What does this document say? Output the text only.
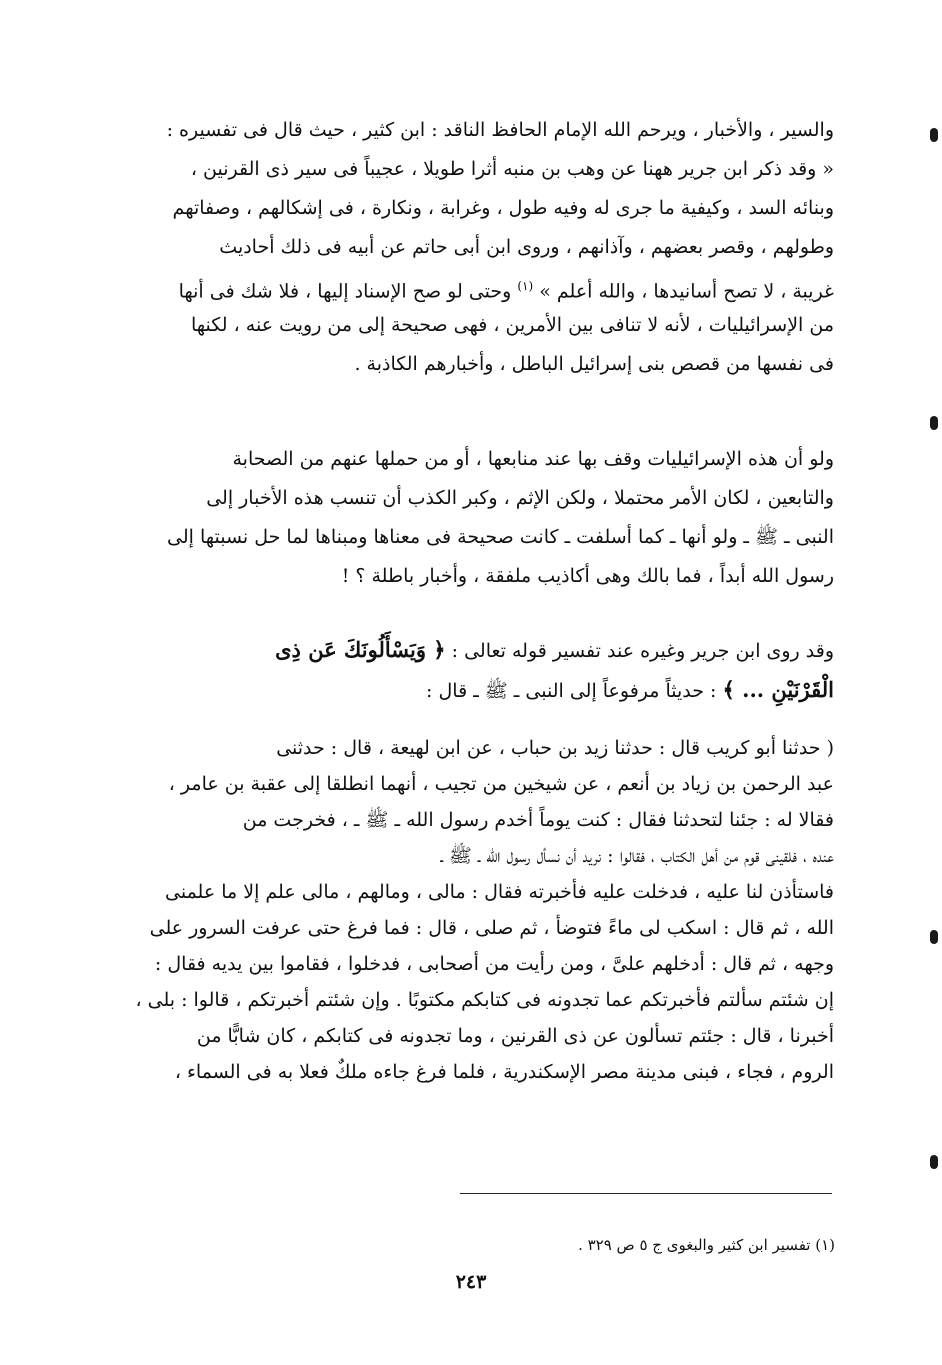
والسير ، والأخبار ، ويرحم الله الإمام الحافظ الناقد : ابن كثير ، حيث قال فى تفسيره :
« وقد ذكر ابن جرير ههنا عن وهب بن منبه أثرا طويلا ، عجيباً فى سير ذى القرنين ،
وبنائه السد ، وكيفية ما جرى له وفيه طول ، وغرابة ، ونكارة ، فى إشكالهم ، وصفاتهم
وطولهم ، وقصر بعضهم ، وآذانهم ، وروى ابن أبى حاتم عن أبيه فى ذلك أحاديث
غريبة ، لا تصح أسانيدها ، والله أعلم » $^{(١)}$ وحتى لو صح الإسناد إليها ، فلا شك فى أنها
من الإسرائيليات ، لأنه لا تنافى بين الأمرين ، فهى صحيحة إلى من رويت عنه ، لكنها
فى نفسها من قصص بنى إسرائيل الباطل ، وأخبارهم الكاذبة .
ولو أن هذه الإسرائيليات وقف بها عند منابعها ، أو من حملها عنهم من الصحابة
والتابعين ، لكان الأمر محتملا ، ولكن الإثم ، وكبر الكذب أن تنسب هذه الأخبار إلى
النبى ـ ﷺ ـ ولو أنها ـ كما أسلفت ـ كانت صحيحة فى معناها ومبناها لما حل نسبتها إلى
رسول الله أبداً ، فما بالك وهى أكاذيب ملفقة ، وأخبار باطلة ؟ !
وقد روى ابن جرير وغيره عند تفسير قوله تعالى : ﴿ وَيَسْأَلُونَكَ عَن ذِى
الْقَرْنَيْنِ ... ﴾ : حديثاً مرفوعاً إلى النبى ـ ﷺ ـ قال :
( حدثنا أبو كريب قال : حدثنا زيد بن حباب ، عن ابن لهيعة ، قال : حدثنى
عبد الرحمن بن زياد بن أنعم ، عن شيخين من تجيب ، أنهما انطلقا إلى عقبة بن عامر ،
فقالا له : جئنا لتحدثنا فقال : كنت يوماً أخدم رسول الله ـ ﷺ ـ ، فخرجت من
عنده ، فلقينى قوم من أهل الكتاب ، فقالوا : نريد أن نسأل رسول الله ـ ﷺ ـ
فاستأذن لنا عليه ، فدخلت عليه فأخبرته فقال : مالى ، ومالهم ، مالى علم إلا ما علمنى
الله ، ثم قال : اسكب لى ماءً فتوضأ ، ثم صلى ، قال : فما فرغ حتى عرفت السرور على
وجهه ، ثم قال : أدخلهم علىَّ ، ومن رأيت من أصحابى ، فدخلوا ، فقاموا بين يديه فقال :
إن شئتم سألتم فأخبرتكم عما تجدونه فى كتابكم مكتوبًا . وإن شئتم أخبرتكم ، قالوا : بلى ،
أخبرنا ، قال : جئتم تسألون عن ذى القرنين ، وما تجدونه فى كتابكم ، كان شابًّا من
الروم ، فجاء ، فبنى مدينة مصر الإسكندرية ، فلما فرغ جاءه ملكٌ فعلا به فى السماء ،
(١) تفسير ابن كثير والبغوى ج ٥ ص ٣٢٩ .
٢٤٣
